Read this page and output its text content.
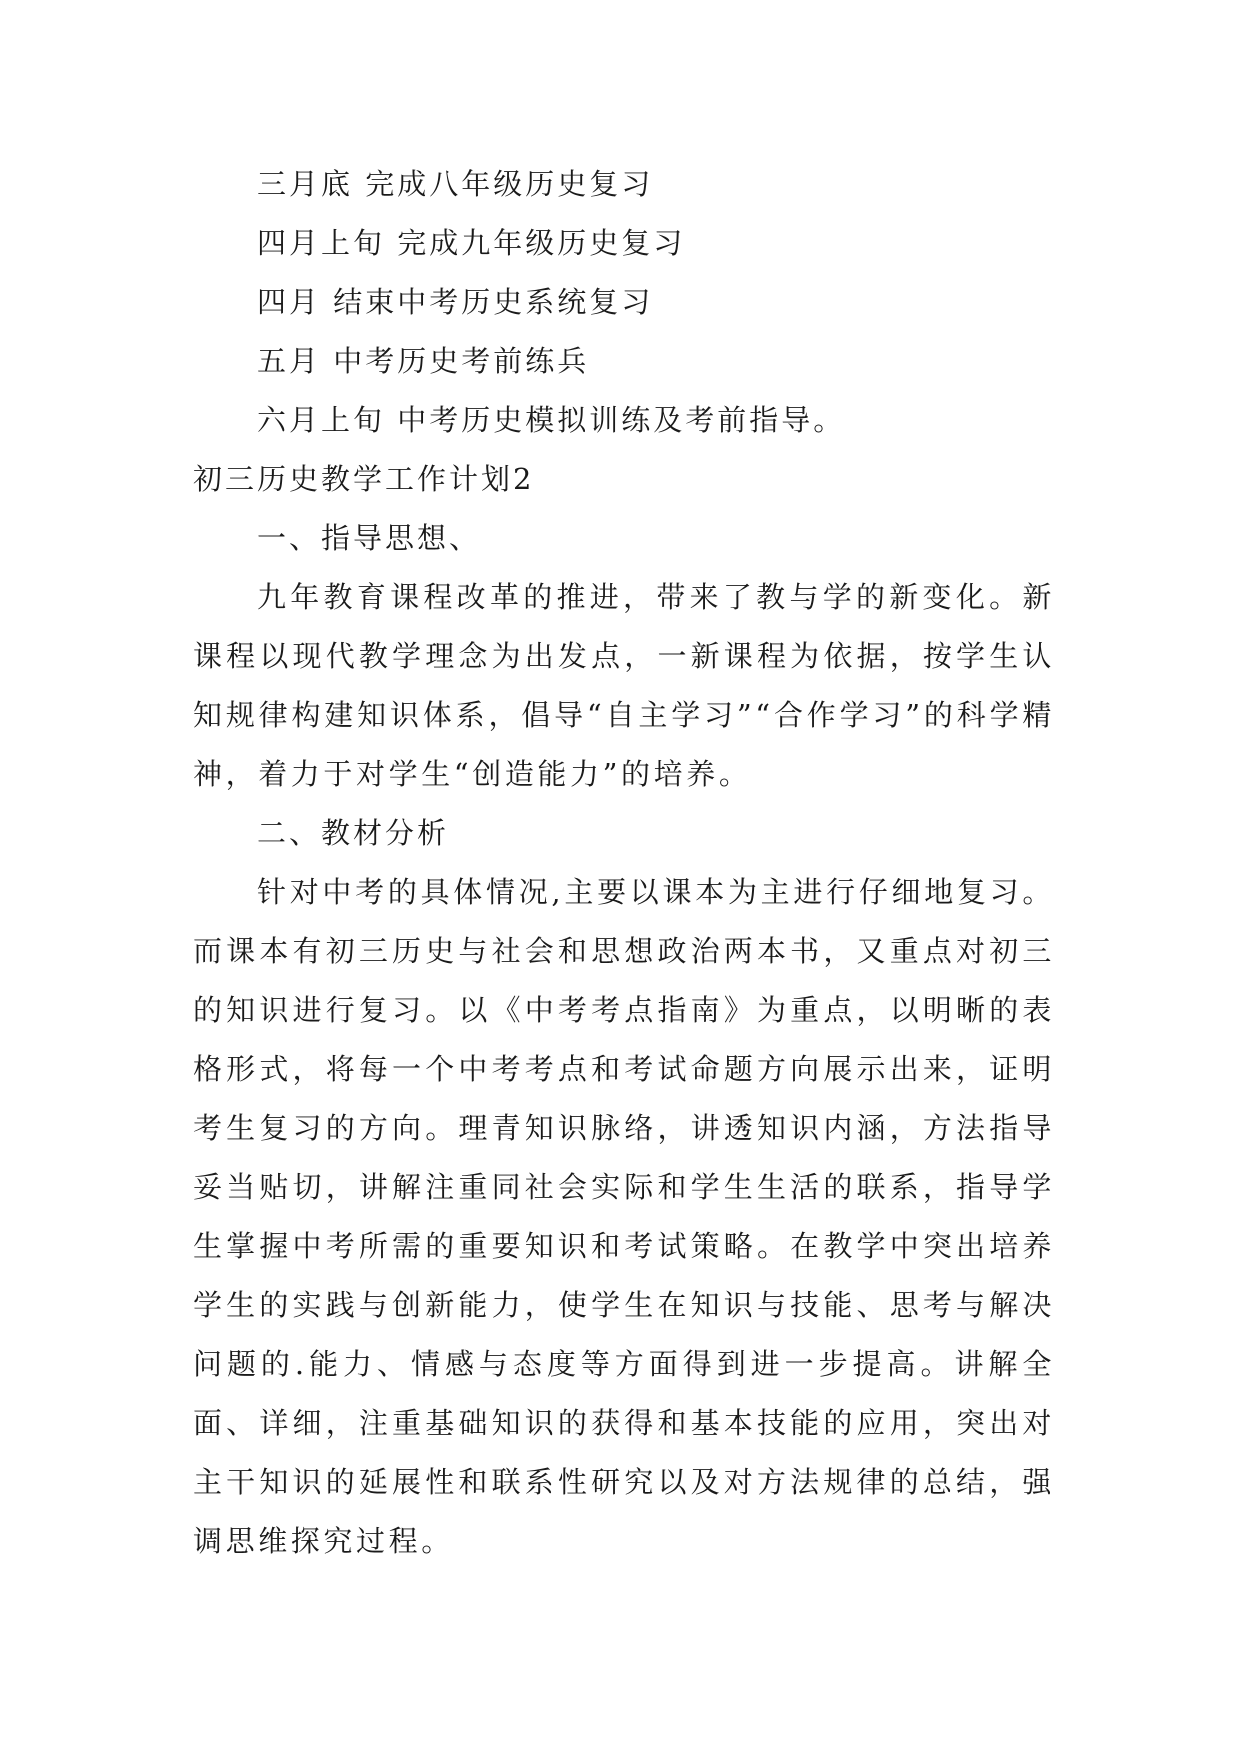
三月底 完成八年级历史复习

四月上旬 完成九年级历史复习

四月 结束中考历史系统复习

五月 中考历史考前练兵

六月上旬 中考历史模拟训练及考前指导。

初三历史教学工作计划2

一、指导思想、

九年教育课程改革的推进，带来了教与学的新变化。新课程以现代教学理念为出发点，一新课程为依据，按学生认知规律构建知识体系，倡导“自主学习”“合作学习”的科学精神，着力于对学生“创造能力”的培养。

二、教材分析

针对中考的具体情况,主要以课本为主进行仔细地复习。而课本有初三历史与社会和思想政治两本书，又重点对初三的知识进行复习。以《中考考点指南》为重点，以明晰的表格形式，将每一个中考考点和考试命题方向展示出来，证明考生复习的方向。理青知识脉络，讲透知识内涵，方法指导妥当贴切，讲解注重同社会实际和学生生活的联系，指导学生掌握中考所需的重要知识和考试策略。在教学中突出培养学生的实践与创新能力，使学生在知识与技能、思考与解决问题的.能力、情感与态度等方面得到进一步提高。讲解全面、详细，注重基础知识的获得和基本技能的应用，突出对主干知识的延展性和联系性研究以及对方法规律的总结，强调思维探究过程。
